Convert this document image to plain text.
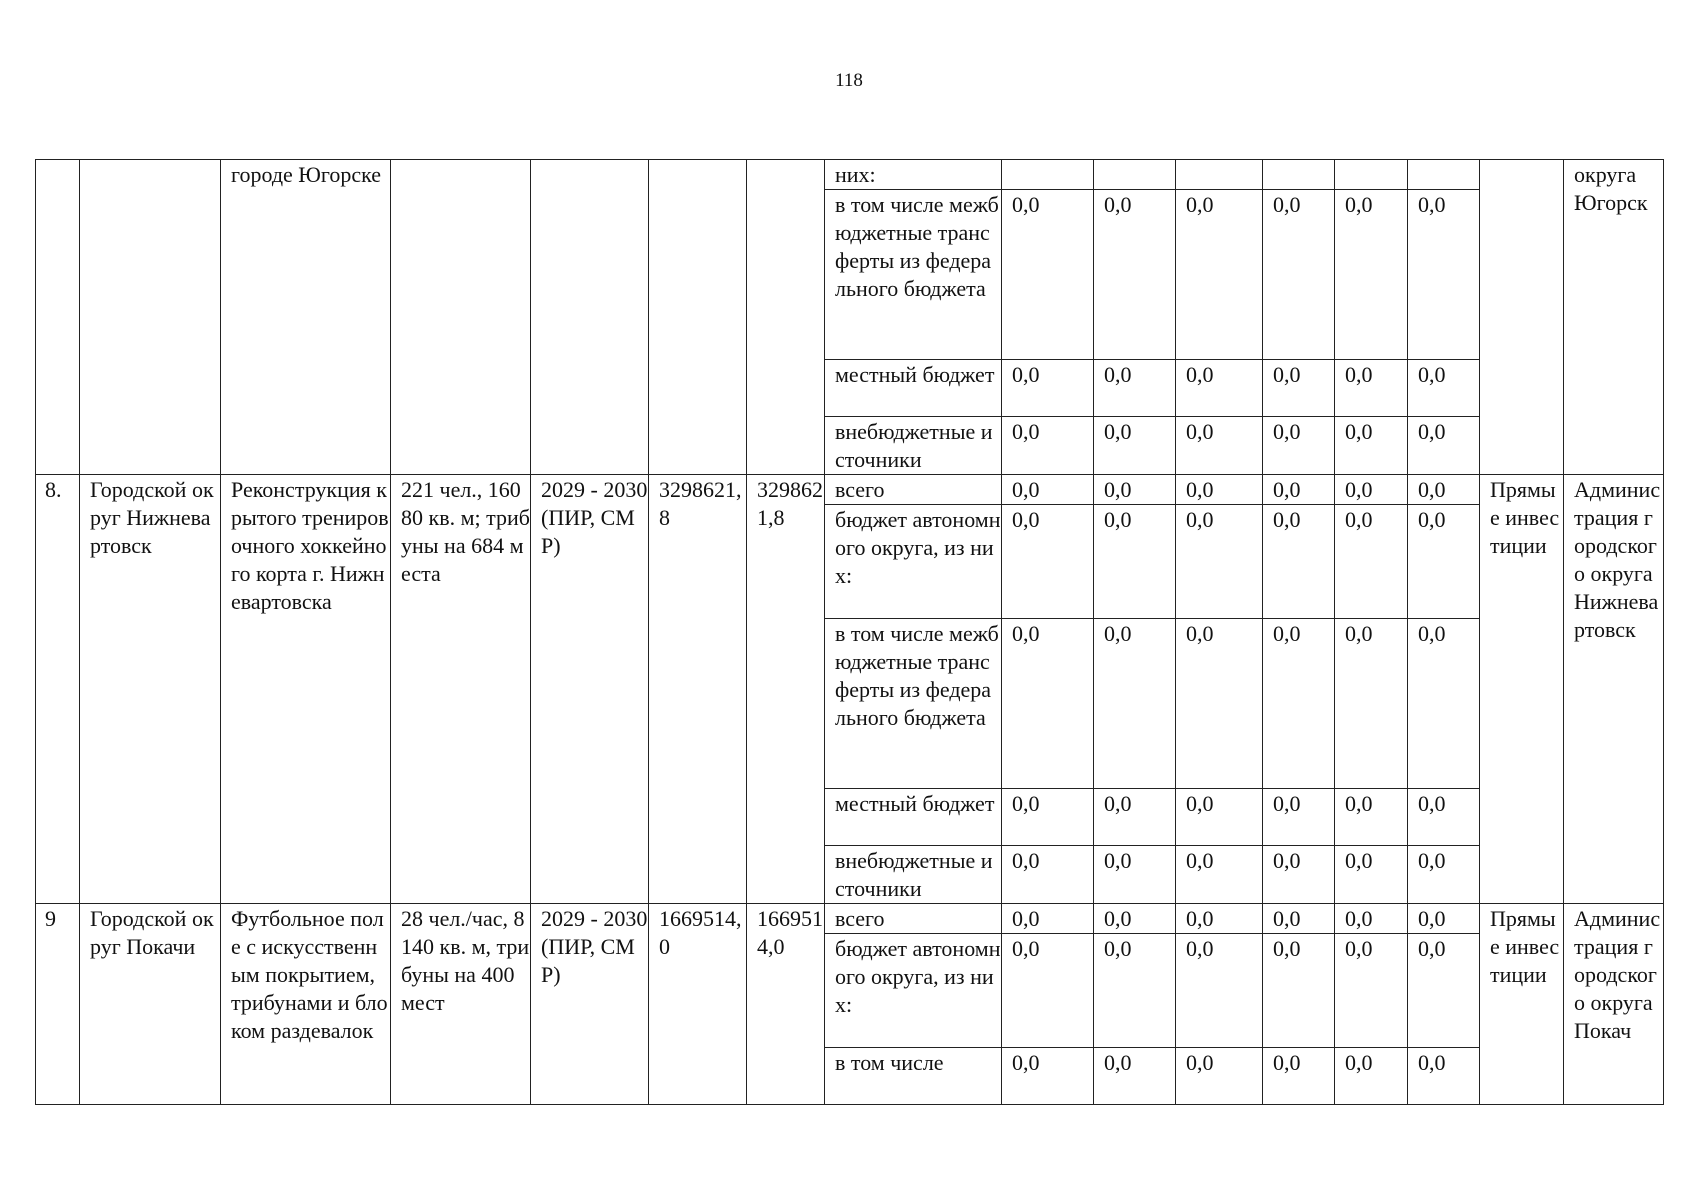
118
		городе Югорске					них:								округа Югорск
							в том числе межбюджетные трансферты из федерального бюджета	0,0	0,0	0,0	0,0	0,0	0,0		
							местный бюджет	0,0	0,0	0,0	0,0	0,0	0,0		
							внебюджетные источники	0,0	0,0	0,0	0,0	0,0	0,0		
8.	Городской округ Нижневартовск	Реконструкция крытого тренировочного хоккейного корта г. Нижневартовска	221 чел., 16080 кв. м; трибуны на 684 места	2029 - 2030 (ПИР, СМР)	3298621,8	3298621,8	всего	0,0	0,0	0,0	0,0	0,0	0,0	Прямые инвестиции	Администрация городского округа Нижневартовск
							бюджет автономного округа, из них:	0,0	0,0	0,0	0,0	0,0	0,0		
							в том числе межбюджетные трансферты из федерального бюджета	0,0	0,0	0,0	0,0	0,0	0,0		
							местный бюджет	0,0	0,0	0,0	0,0	0,0	0,0		
							внебюджетные источники	0,0	0,0	0,0	0,0	0,0	0,0		
9	Городской округ Покачи	Футбольное поле с искусственным покрытием, трибунами и блоком раздевалок	28 чел./час, 8140 кв. м, трибуны на 400 мест	2029 - 2030 (ПИР, СМР)	1669514,0	1669514,0	всего	0,0	0,0	0,0	0,0	0,0	0,0	Прямые инвестиции	Администрация городского округа Покач
							бюджет автономного округа, из них:	0,0	0,0	0,0	0,0	0,0	0,0		
							в том числе	0,0	0,0	0,0	0,0	0,0	0,0		
